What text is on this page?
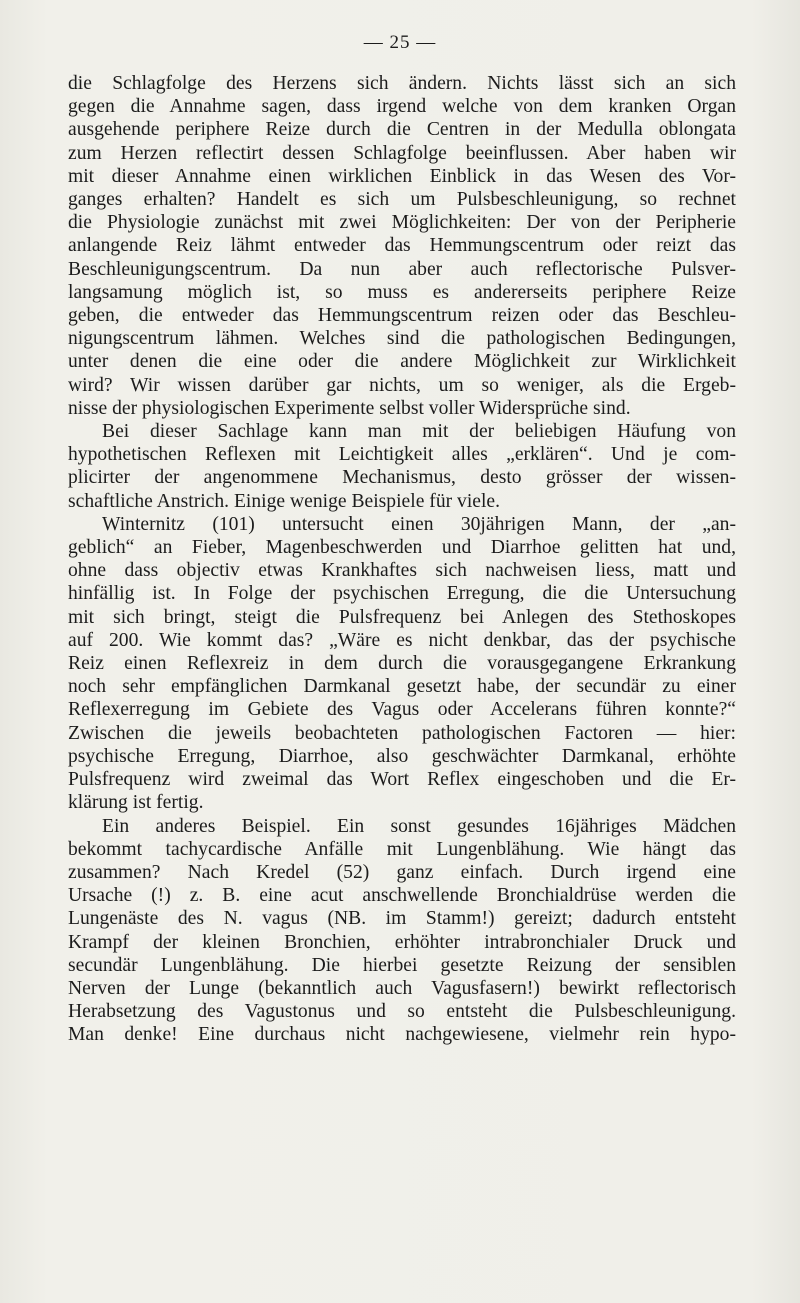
— 25 —
die Schlagfolge des Herzens sich ändern. Nichts lässt sich an sich
gegen die Annahme sagen, dass irgend welche von dem kranken Organ
ausgehende periphere Reize durch die Centren in der Medulla oblongata
zum Herzen reflectirt dessen Schlagfolge beeinflussen. Aber haben wir
mit dieser Annahme einen wirklichen Einblick in das Wesen des Vor-
ganges erhalten? Handelt es sich um Pulsbeschleunigung, so rechnet
die Physiologie zunächst mit zwei Möglichkeiten: Der von der Peripherie
anlangende Reiz lähmt entweder das Hemmungscentrum oder reizt das
Beschleunigungscentrum. Da nun aber auch reflectorische Pulsver-
langsamung möglich ist, so muss es andererseits periphere Reize
geben, die entweder das Hemmungscentrum reizen oder das Beschleu-
nigungscentrum lähmen. Welches sind die pathologischen Bedingungen,
unter denen die eine oder die andere Möglichkeit zur Wirklichkeit
wird? Wir wissen darüber gar nichts, um so weniger, als die Ergeb-
nisse der physiologischen Experimente selbst voller Widersprüche sind.
Bei dieser Sachlage kann man mit der beliebigen Häufung von
hypothetischen Reflexen mit Leichtigkeit alles „erklären“. Und je com-
plicirter der angenommene Mechanismus, desto grösser der wissen-
schaftliche Anstrich. Einige wenige Beispiele für viele.
Winternitz (101) untersucht einen 30jährigen Mann, der „an-
geblich“ an Fieber, Magenbeschwerden und Diarrhoe gelitten hat und,
ohne dass objectiv etwas Krankhaftes sich nachweisen liess, matt und
hinfällig ist. In Folge der psychischen Erregung, die die Untersuchung
mit sich bringt, steigt die Pulsfrequenz bei Anlegen des Stethoskopes
auf 200. Wie kommt das? „Wäre es nicht denkbar, das der psychische
Reiz einen Reflexreiz in dem durch die vorausgegangene Erkrankung
noch sehr empfänglichen Darmkanal gesetzt habe, der secundär zu einer
Reflexerregung im Gebiete des Vagus oder Accelerans führen konnte?“
Zwischen die jeweils beobachteten pathologischen Factoren — hier:
psychische Erregung, Diarrhoe, also geschwächter Darmkanal, erhöhte
Pulsfrequenz wird zweimal das Wort Reflex eingeschoben und die Er-
klärung ist fertig.
Ein anderes Beispiel. Ein sonst gesundes 16jähriges Mädchen
bekommt tachycardische Anfälle mit Lungenblähung. Wie hängt das
zusammen? Nach Kredel (52) ganz einfach. Durch irgend eine
Ursache (!) z. B. eine acut anschwellende Bronchialdrüse werden die
Lungenäste des N. vagus (NB. im Stamm!) gereizt; dadurch entsteht
Krampf der kleinen Bronchien, erhöhter intrabronchialer Druck und
secundär Lungenblähung. Die hierbei gesetzte Reizung der sensiblen
Nerven der Lunge (bekanntlich auch Vagusfasern!) bewirkt reflectorisch
Herabsetzung des Vagustonus und so entsteht die Pulsbeschleunigung.
Man denke! Eine durchaus nicht nachgewiesene, vielmehr rein hypo-
